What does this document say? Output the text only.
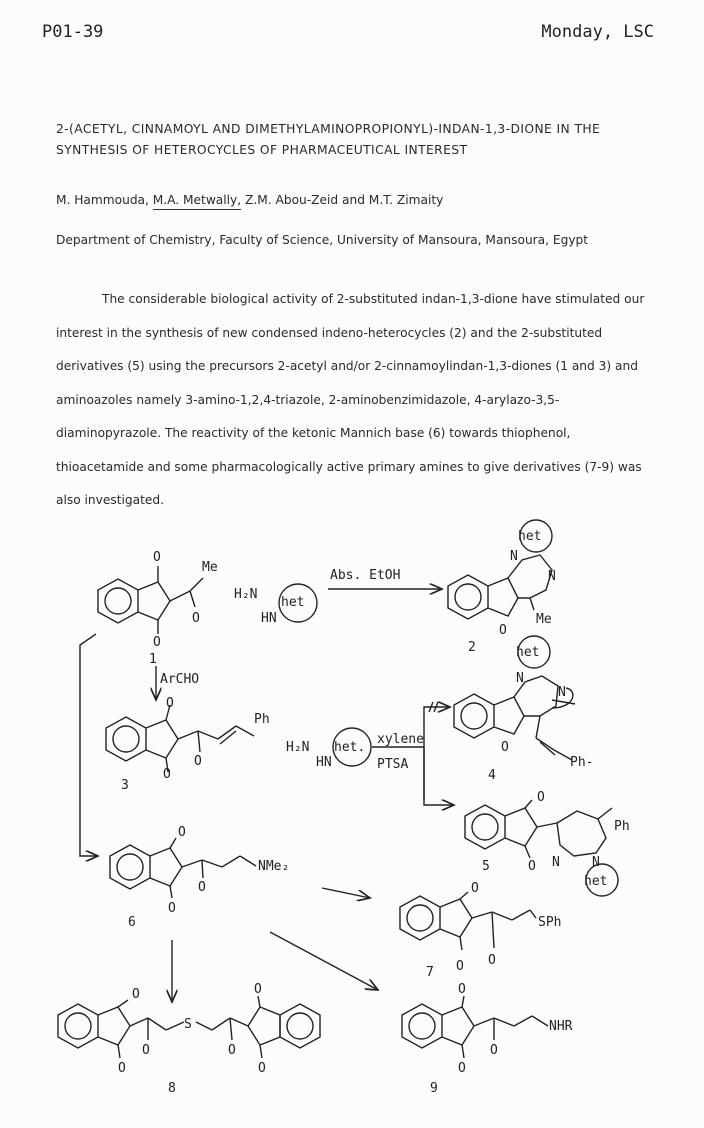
P01-39	Monday, LSC
2-(ACETYL, CINNAMOYL AND DIMETHYLAMINOPROPIONYL)-INDAN-1,3-DIONE IN THE SYNTHESIS OF HETEROCYCLES OF PHARMACEUTICAL INTEREST
M. Hammouda, M.A. Metwally, Z.M. Abou-Zeid and M.T. Zimaity
Department of Chemistry, Faculty of Science, University of Mansoura, Mansoura, Egypt

The considerable biological activity of 2-substituted indan-1,3-dione have stimulated our interest in the synthesis of new condensed indeno-heterocycles (2) and the 2-substituted derivatives (5) using the precursors 2-acetyl and/or 2-cinnamoylindan-1,3-diones (1 and 3) and aminoazoles namely 3-amino-1,2,4-triazole, 2-aminobenzimidazole, 4-arylazo-3,5-diaminopyrazole. The reactivity of the ketonic Mannich base (6) towards thiophenol, thioacetamide and some pharmacologically active primary amines to give derivatives (7-9) was also investigated.

O
O
O
Me
1
H₂N
HN
het
Abs. EtOH
N
N
O
Me
het
2
ArCHO
O
O
O
Ph
3
H₂N
HN
het.
xylene
PTSA
N
N
O
Ph-
het
4
O
O N N
Ph
het
5
O
O
O
NMe₂
6
O
O O
SPh
7
O
O
O
S
O
O
O
8
O
O
O
NHR
9
